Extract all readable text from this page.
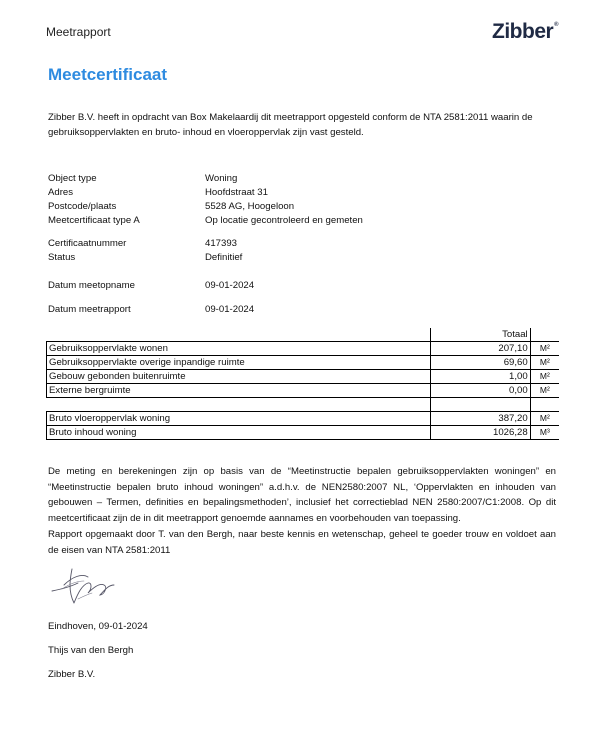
Meetrapport	Zibber®
Meetcertificaat
Zibber B.V. heeft in opdracht van Box Makelaardij dit meetrapport opgesteld conform de NTA 2581:2011 waarin de gebruiksoppervlakten en bruto- inhoud en vloeroppervlak zijn vast gesteld.
Object type	Woning
Adres	Hoofdstraat 31
Postcode/plaats	5528 AG, Hoogeloon
Meetcertificaat type A	Op locatie gecontroleerd en gemeten
Certificaatnummer	417393
Status	Definitief
Datum meetopname	09-01-2024
Datum meetrapport	09-01-2024
	Totaal	
Gebruiksoppervlakte wonen	207,10	M²
Gebruiksoppervlakte overige inpandige ruimte	69,60	M²
Gebouw gebonden buitenruimte	1,00	M²
Externe bergruimte	0,00	M²

Bruto vloeroppervlak woning	387,20	M²
Bruto inhoud woning	1026,28	M³
De meting en berekeningen zijn op basis van de “Meetinstructie bepalen gebruiksoppervlakten woningen” en “Meetinstructie bepalen bruto inhoud woningen” a.d.h.v. de NEN2580:2007 NL, ‘Oppervlakten en inhouden van gebouwen – Termen, definities en bepalingsmethoden’, inclusief het correctieblad NEN 2580:2007/C1:2008. Op dit meetcertificaat zijn de in dit meetrapport genoemde aannames en voorbehouden van toepassing.
Rapport opgemaakt door T. van den Bergh, naar beste kennis en wetenschap, geheel te goeder trouw en voldoet aan de eisen van NTA 2581:2011
Eindhoven, 09-01-2024
Thijs van den Bergh
Zibber B.V.
